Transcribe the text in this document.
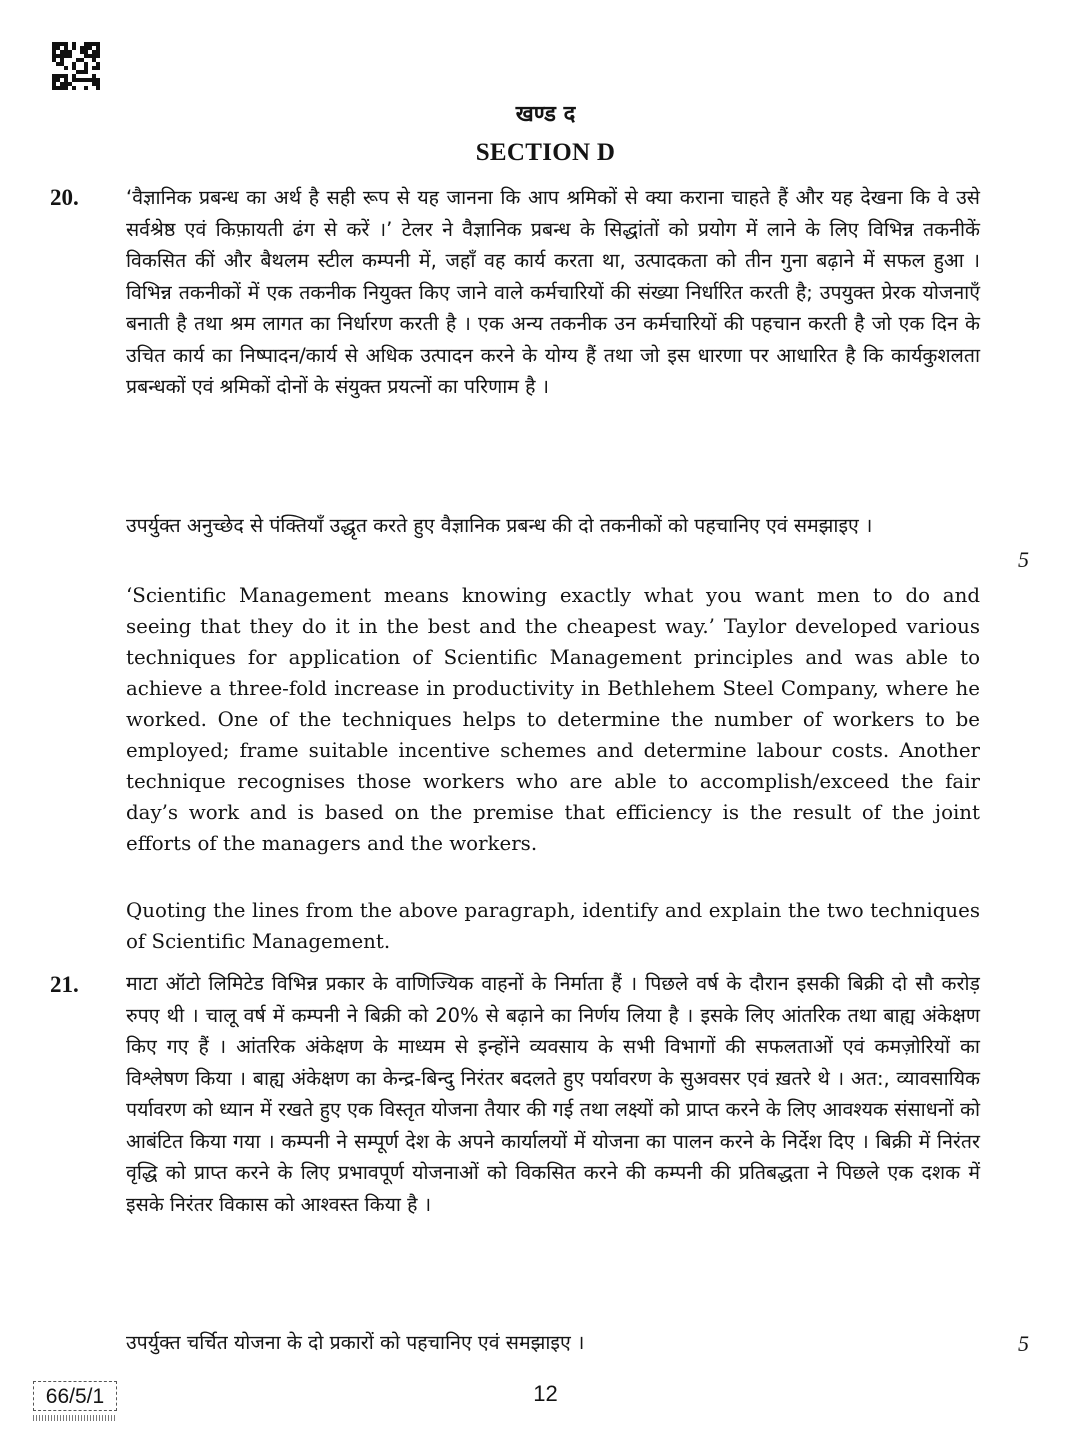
खण्ड द
SECTION D
20. ‘वैज्ञानिक प्रबन्ध का अर्थ है सही रूप से यह जानना कि आप श्रमिकों से क्या कराना चाहते हैं और यह देखना कि वे उसे सर्वश्रेष्ठ एवं किफ़ायती ढंग से करें ।’ टेलर ने वैज्ञानिक प्रबन्ध के सिद्धांतों को प्रयोग में लाने के लिए विभिन्न तकनीकें विकसित कीं और बैथलम स्टील कम्पनी में, जहाँ वह कार्य करता था, उत्पादकता को तीन गुना बढ़ाने में सफल हुआ । विभिन्न तकनीकों में एक तकनीक नियुक्त किए जाने वाले कर्मचारियों की संख्या निर्धारित करती है; उपयुक्त प्रेरक योजनाएँ बनाती है तथा श्रम लागत का निर्धारण करती है । एक अन्य तकनीक उन कर्मचारियों की पहचान करती है जो एक दिन के उचित कार्य का निष्पादन/कार्य से अधिक उत्पादन करने के योग्य हैं तथा जो इस धारणा पर आधारित है कि कार्यकुशलता प्रबन्धकों एवं श्रमिकों दोनों के संयुक्त प्रयत्नों का परिणाम है ।

उपर्युक्त अनुच्छेद से पंक्तियाँ उद्धृत करते हुए वैज्ञानिक प्रबन्ध की दो तकनीकों को पहचानिए एवं समझाइए ।

5

‘Scientific Management means knowing exactly what you want men to do and seeing that they do it in the best and the cheapest way.’ Taylor developed various techniques for application of Scientific Management principles and was able to achieve a three-fold increase in productivity in Bethlehem Steel Company, where he worked. One of the techniques helps to determine the number of workers to be employed; frame suitable incentive schemes and determine labour costs. Another technique recognises those workers who are able to accomplish/exceed the fair day’s work and is based on the premise that efficiency is the result of the joint efforts of the managers and the workers.

Quoting the lines from the above paragraph, identify and explain the two techniques of Scientific Management.

21. माटा ऑटो लिमिटेड विभिन्न प्रकार के वाणिज्यिक वाहनों के निर्माता हैं । पिछले वर्ष के दौरान इसकी बिक्री दो सौ करोड़ रुपए थी । चालू वर्ष में कम्पनी ने बिक्री को 20% से बढ़ाने का निर्णय लिया है । इसके लिए आंतरिक तथा बाह्य अंकेक्षण किए गए हैं । आंतरिक अंकेक्षण के माध्यम से इन्होंने व्यवसाय के सभी विभागों की सफलताओं एवं कमज़ोरियों का विश्लेषण किया । बाह्य अंकेक्षण का केन्द्र-बिन्दु निरंतर बदलते हुए पर्यावरण के सुअवसर एवं ख़तरे थे । अत:, व्यावसायिक पर्यावरण को ध्यान में रखते हुए एक विस्तृत योजना तैयार की गई तथा लक्ष्यों को प्राप्त करने के लिए आवश्यक संसाधनों को आबंटित किया गया । कम्पनी ने सम्पूर्ण देश के अपने कार्यालयों में योजना का पालन करने के निर्देश दिए । बिक्री में निरंतर वृद्धि को प्राप्त करने के लिए प्रभावपूर्ण योजनाओं को विकसित करने की कम्पनी की प्रतिबद्धता ने पिछले एक दशक में इसके निरंतर विकास को आश्वस्त किया है ।

उपर्युक्त चर्चित योजना के दो प्रकारों को पहचानिए एवं समझाइए ।	5
66/5/1	12
